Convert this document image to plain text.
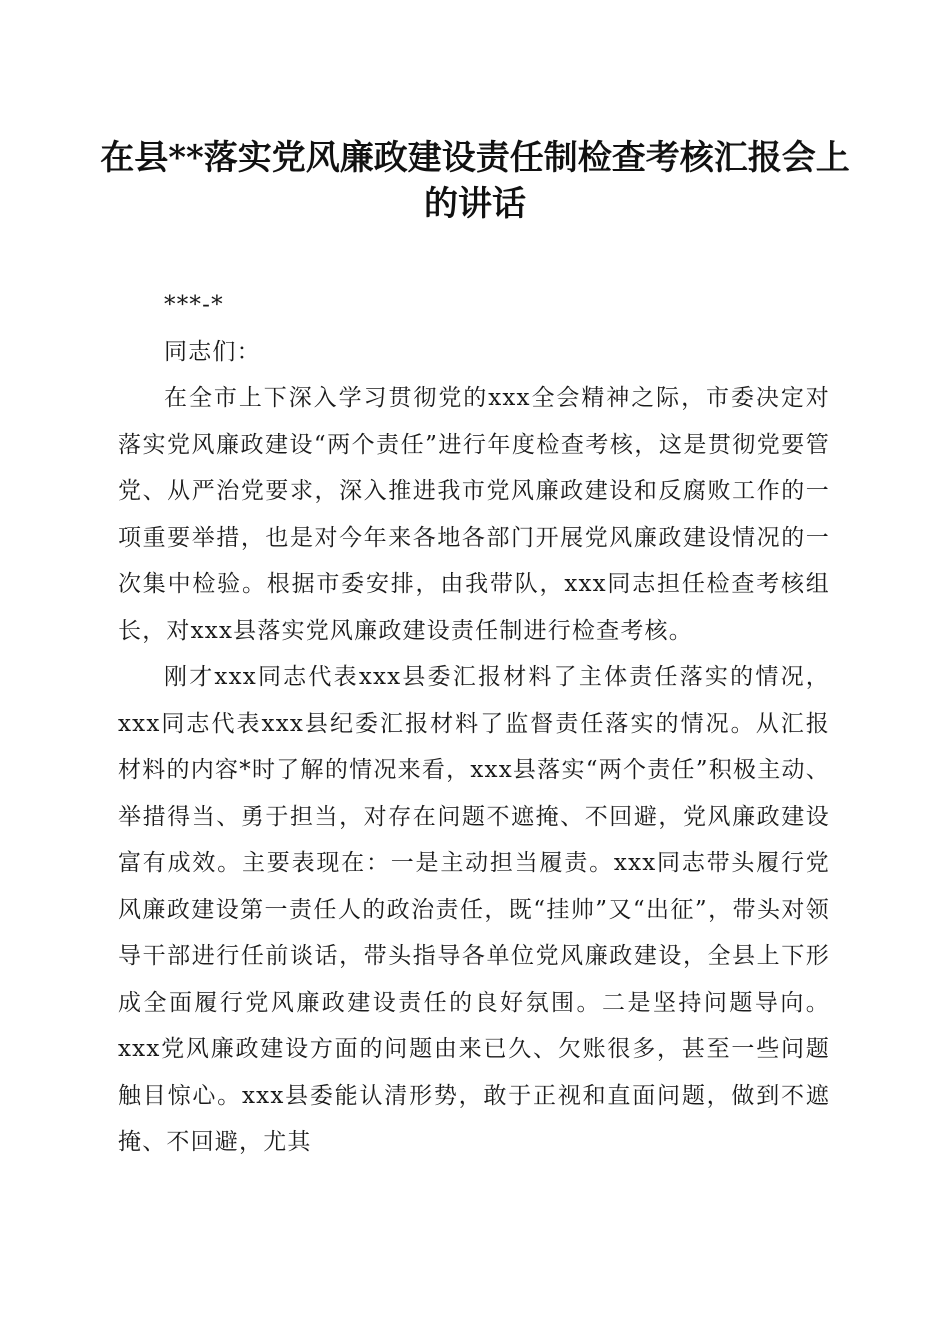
在县**落实党风廉政建设责任制检查考核汇报会上的讲话

***-*

同志们：

在全市上下深入学习贯彻党的xxx全会精神之际，市委决定对落实党风廉政建设“两个责任”进行年度检查考核，这是贯彻党要管党、从严治党要求，深入推进我市党风廉政建设和反腐败工作的一项重要举措，也是对今年来各地各部门开展党风廉政建设情况的一次集中检验。根据市委安排，由我带队，xxx同志担任检查考核组长，对xxx县落实党风廉政建设责任制进行检查考核。

刚才xxx同志代表xxx县委汇报材料了主体责任落实的情况，xxx同志代表xxx县纪委汇报材料了监督责任落实的情况。从汇报材料的内容*时了解的情况来看，xxx县落实“两个责任”积极主动、举措得当、勇于担当，对存在问题不遮掩、不回避，党风廉政建设富有成效。主要表现在：一是主动担当履责。xxx同志带头履行党风廉政建设第一责任人的政治责任，既“挂帅”又“出征”，带头对领导干部进行任前谈话，带头指导各单位党风廉政建设，全县上下形成全面履行党风廉政建设责任的良好氛围。二是坚持问题导向。xxx党风廉政建设方面的问题由来已久、欠账很多，甚至一些问题触目惊心。xxx县委能认清形势，敢于正视和直面问题，做到不遮掩、不回避，尤其
